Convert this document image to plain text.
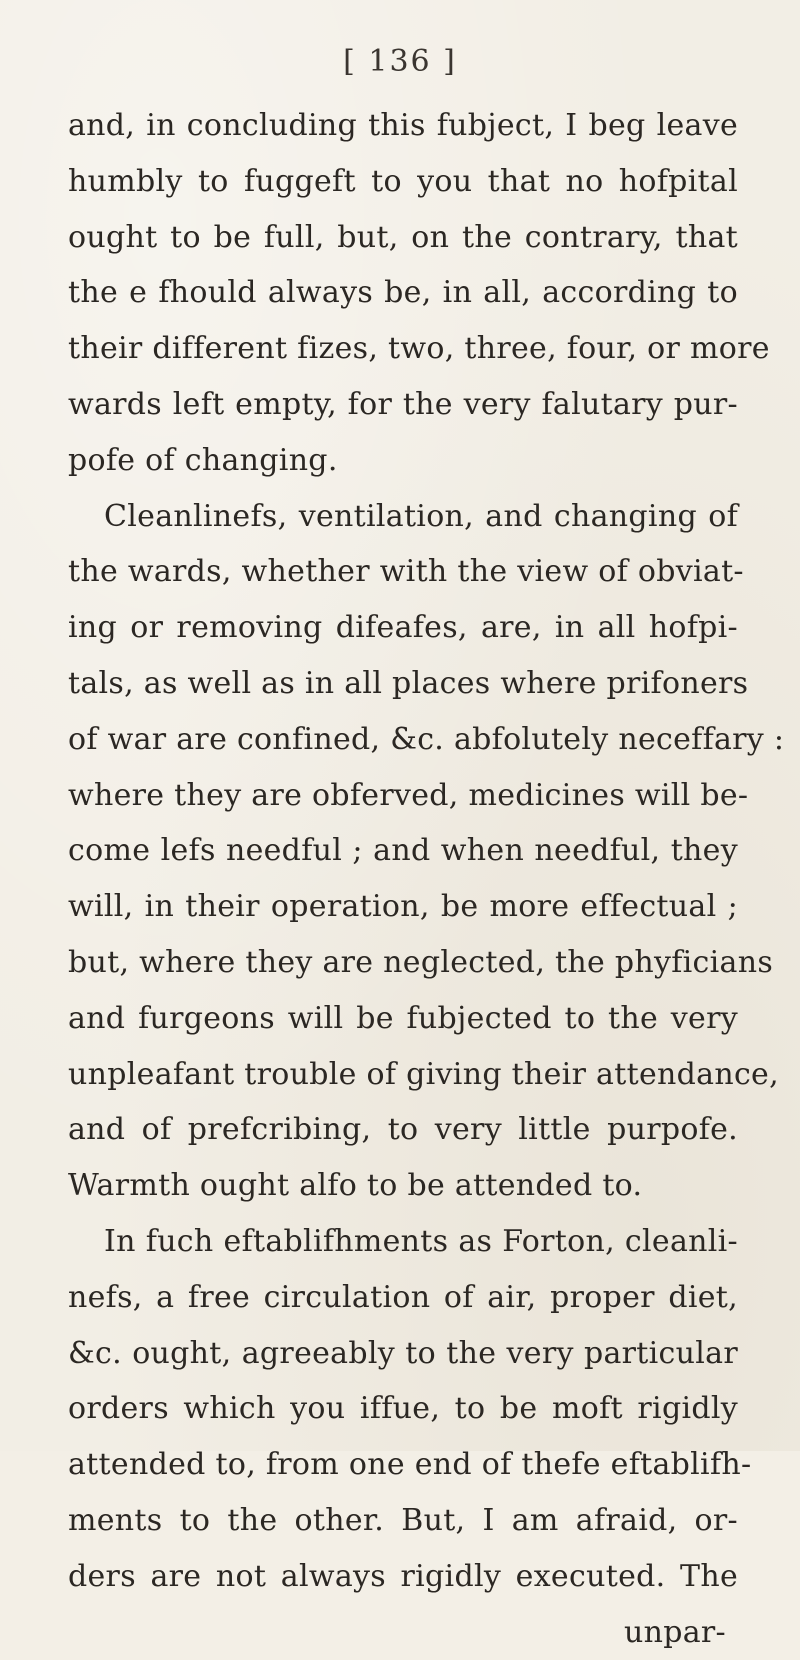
[ 136 ]
and, in concluding this fubject, I beg leave
humbly to fuggeft to you that no hofpital
ought to be full, but, on the contrary, that
the e fhould always be, in all, according to
their different fizes, two, three, four, or more
wards left empty, for the very falutary pur-
pofe of changing.
Cleanlinefs, ventilation, and changing of
the wards, whether with the view of obviat-
ing or removing difeafes, are, in all hofpi-
tals, as well as in all places where prifoners
of war are confined, &c. abfolutely neceffary :
where they are obferved, medicines will be-
come lefs needful ; and when needful, they
will, in their operation, be more effectual ;
but, where they are neglected, the phyficians
and furgeons will be fubjected to the very
unpleafant trouble of giving their attendance,
and of prefcribing, to very little purpofe.
Warmth ought alfo to be attended to.
In fuch eftablifhments as Forton, cleanli-
nefs, a free circulation of air, proper diet,
&c. ought, agreeably to the very particular
orders which you iffue, to be moft rigidly
attended to, from one end of thefe eftablifh-
ments to the other. But, I am afraid, or-
ders are not always rigidly executed. The
unpar-
